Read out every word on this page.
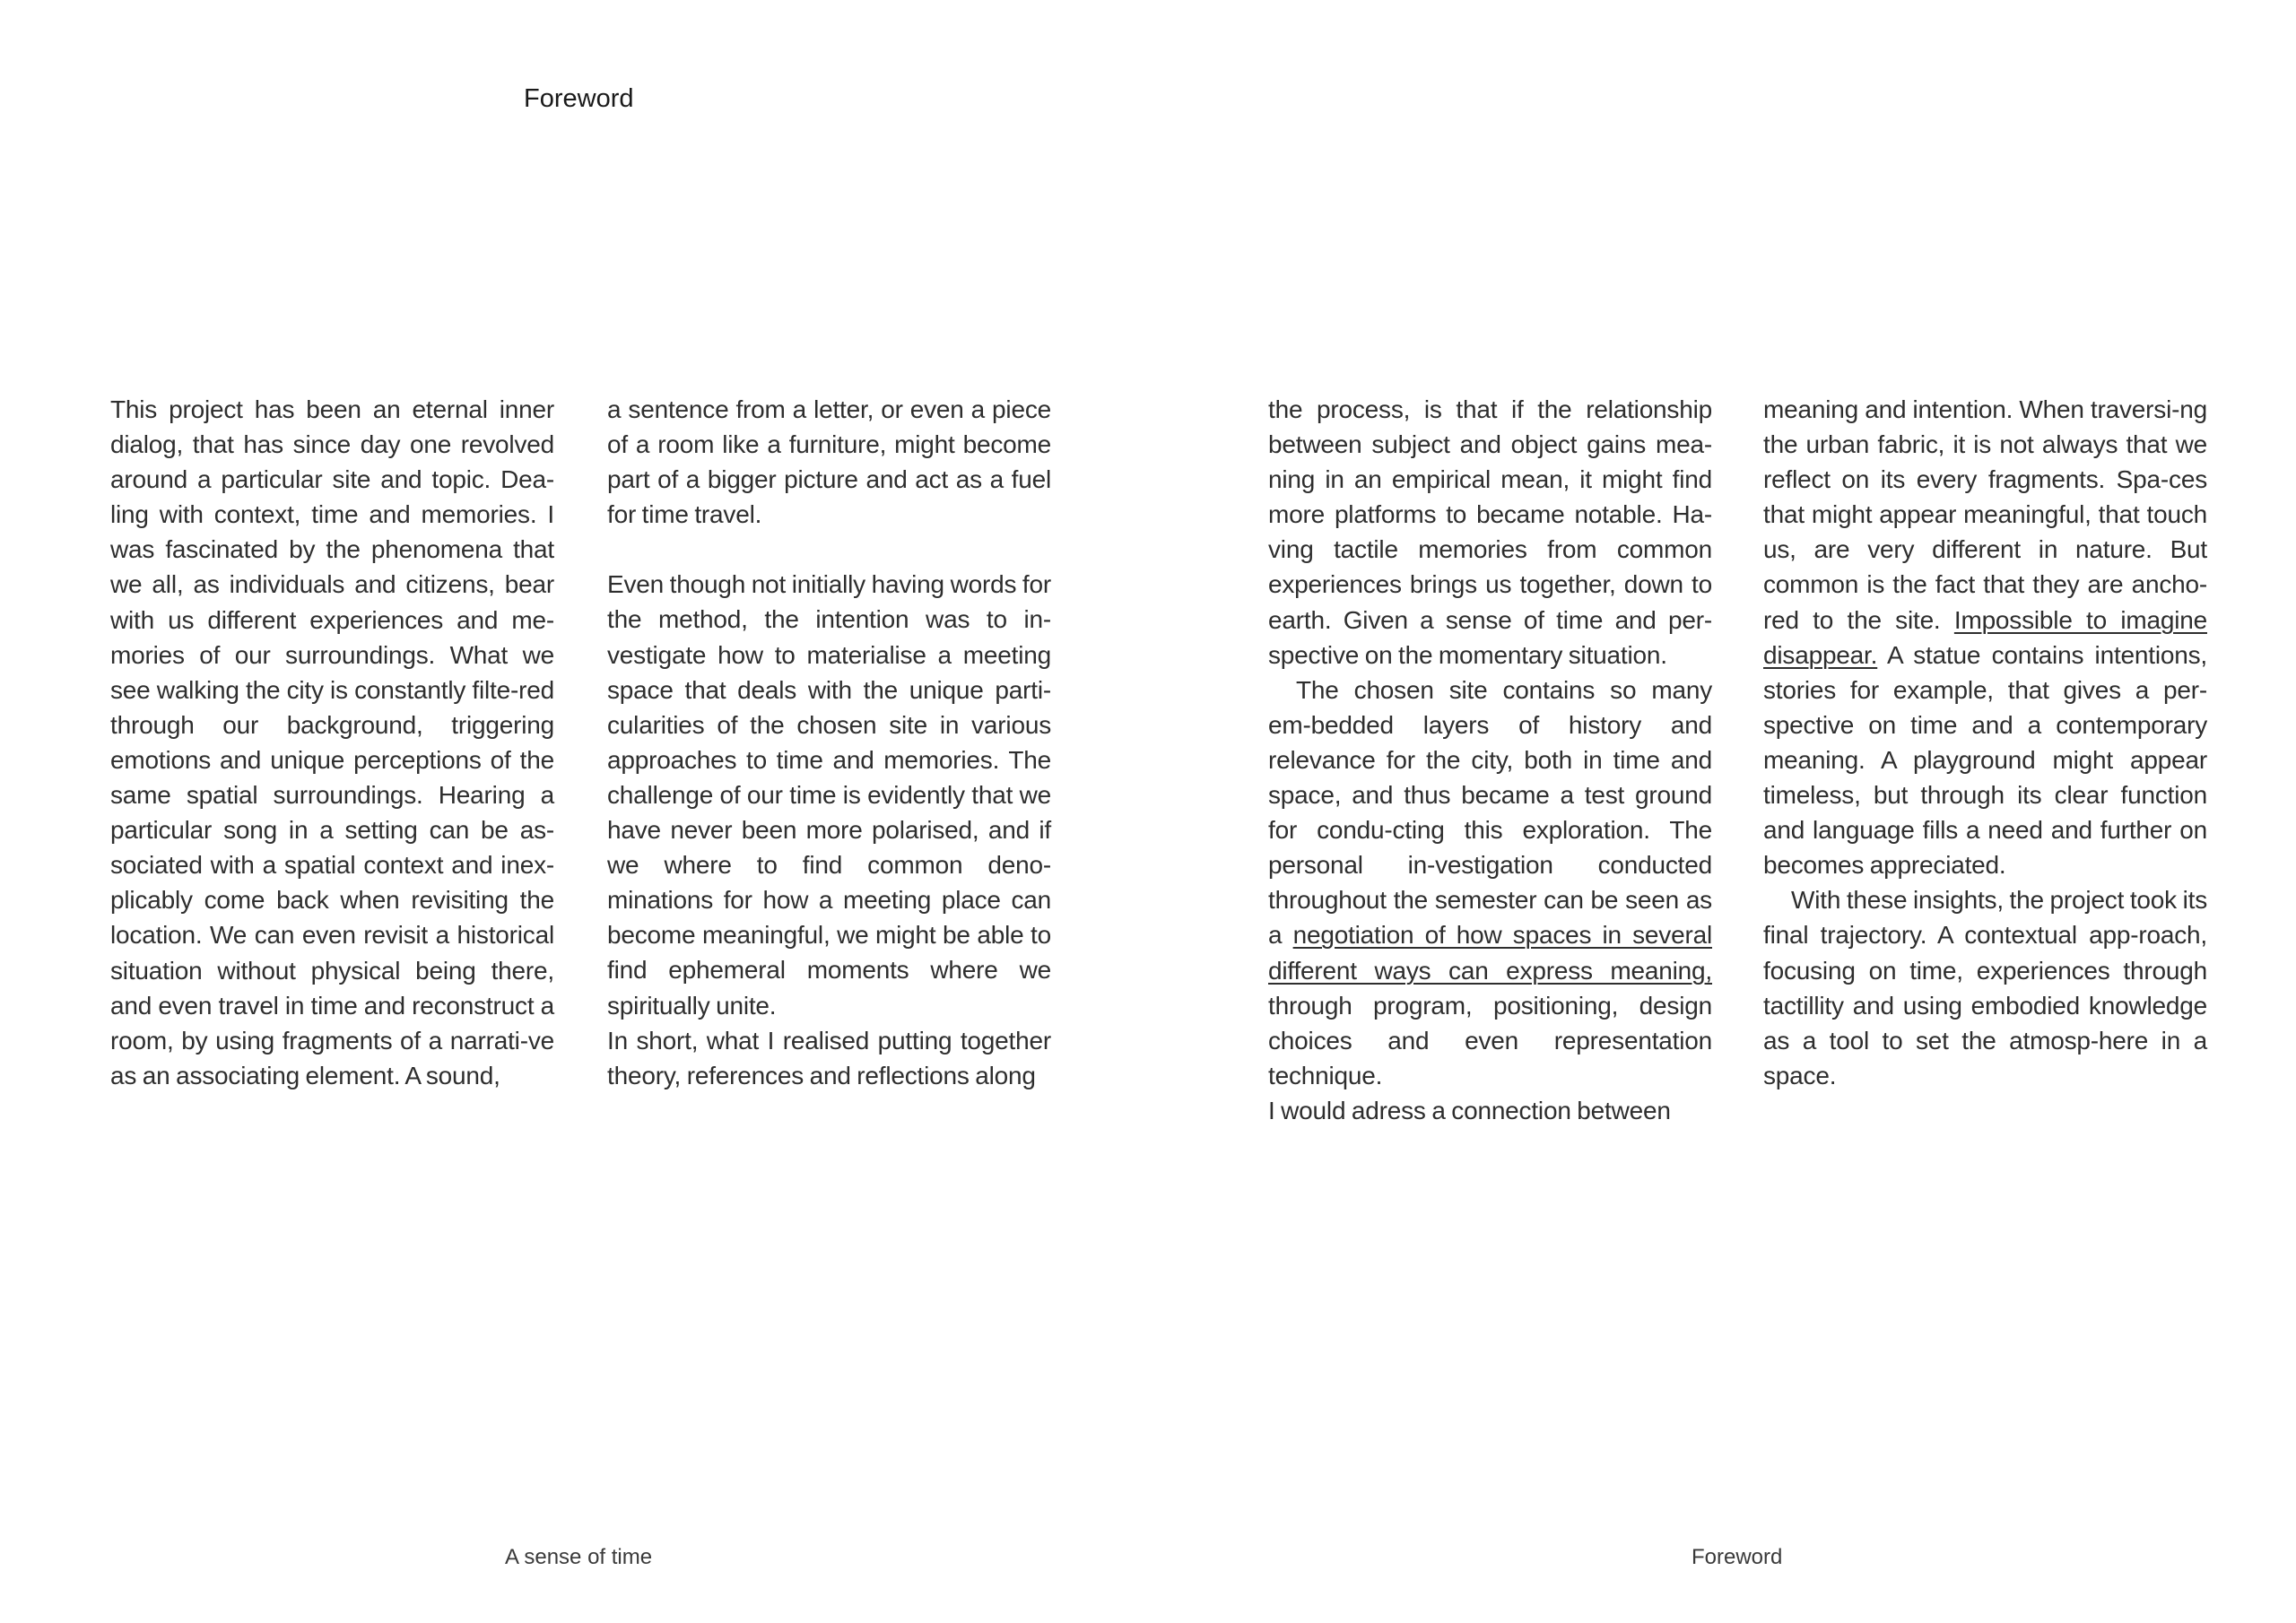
Foreword

This project has been an eternal inner dialog, that has since day one revolved around a particular site and topic. Dea-ling with context, time and memories. I was fascinated by the phenomena that we all, as individuals and citizens, bear with us different experiences and me-mories of our surroundings. What we see walking the city is constantly filte-red through our background, triggering emotions and unique perceptions of the same spatial surroundings. Hearing a particular song in a setting can be as-sociated with a spatial context and inex-plicably come back when revisiting the location. We can even revisit a historical situation without physical being there, and even travel in time and reconstruct a room, by using fragments of a narrati-ve as an associating element. A sound,

a sentence from a letter, or even a piece of a room like a furniture, might become part of a bigger picture and act as a fuel for time travel.

Even though not initially having words for the method, the intention was to in-vestigate how to materialise a meeting space that deals with the unique parti-cularities of the chosen site in various approaches to time and memories. The challenge of our time is evidently that we have never been more polarised, and if we where to find common deno-minations for how a meeting place can become meaningful, we might be able to find ephemeral moments where we spiritually unite.

In short, what I realised putting together theory, references and reflections along

the process, is that if the relationship between subject and object gains mea-ning in an empirical mean, it might find more platforms to became notable. Ha-ving tactile memories from common experiences brings us together, down to earth. Given a sense of time and per-spective on the momentary situation.

The chosen site contains so many em-bedded layers of history and relevance for the city, both in time and space, and thus became a test ground for condu-cting this exploration. The personal in-vestigation conducted throughout the semester can be seen as a negotiation of how spaces in several different ways can express meaning, through program, positioning, design choices and even representation technique.

I would adress a connection between

meaning and intention. When traversi-ng the urban fabric, it is not always that we reflect on its every fragments. Spa-ces that might appear meaningful, that touch us, are very different in nature. But common is the fact that they are ancho-red to the site. Impossible to imagine disappear. A statue contains intentions, stories for example, that gives a per-spective on time and a contemporary meaning. A playground might appear timeless, but through its clear function and language fills a need and further on becomes appreciated.

With these insights, the project took its final trajectory. A contextual app-roach, focusing on time, experiences through tactillity and using embodied knowledge as a tool to set the atmosp-here in a space.

A sense of time	Foreword
